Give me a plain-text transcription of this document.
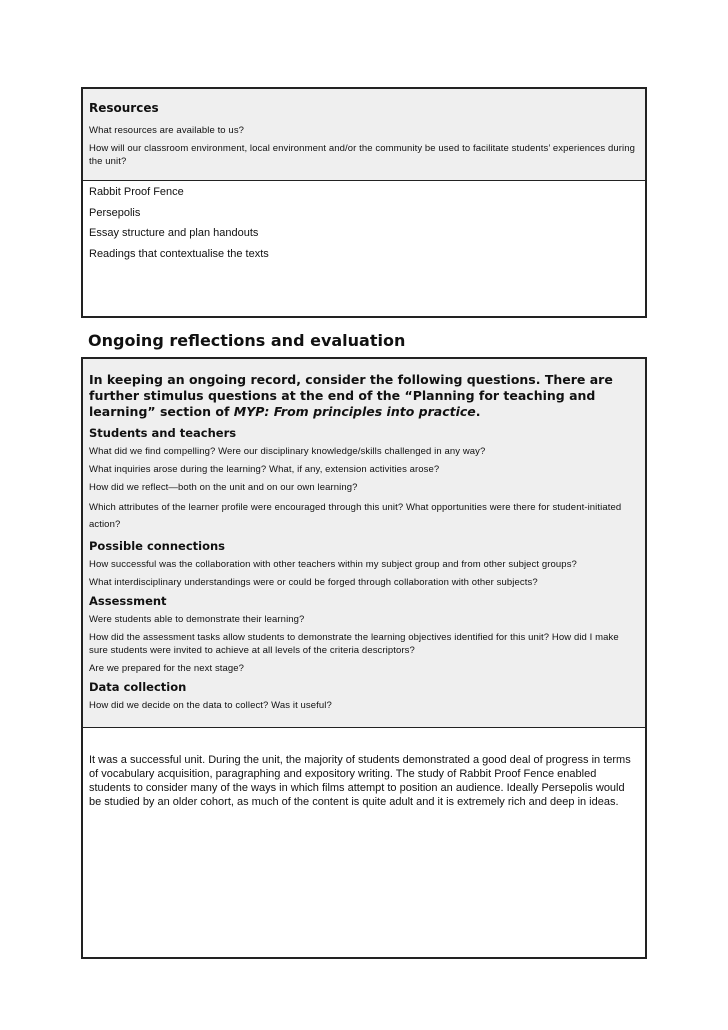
Resources
What resources are available to us?
How will our classroom environment, local environment and/or the community be used to facilitate students’ experiences during the unit?
Rabbit Proof Fence
Persepolis
Essay structure and plan handouts
Readings that contextualise the texts
Ongoing reflections and evaluation
In keeping an ongoing record, consider the following questions. There are further stimulus questions at the end of the “Planning for teaching and learning” section of MYP: From principles into practice.
Students and teachers
What did we find compelling? Were our disciplinary knowledge/skills challenged in any way?
What inquiries arose during the learning? What, if any, extension activities arose?
How did we reflect—both on the unit and on our own learning?
Which attributes of the learner profile were encouraged through this unit? What opportunities were there for student-initiated action?
Possible connections
How successful was the collaboration with other teachers within my subject group and from other subject groups?
What interdisciplinary understandings were or could be forged through collaboration with other subjects?
Assessment
Were students able to demonstrate their learning?
How did the assessment tasks allow students to demonstrate the learning objectives identified for this unit? How did I make sure students were invited to achieve at all levels of the criteria descriptors?
Are we prepared for the next stage?
Data collection
How did we decide on the data to collect? Was it useful?
It was a successful unit. During the unit, the majority of students demonstrated a good deal of progress in terms of vocabulary acquisition, paragraphing and expository writing. The study of Rabbit Proof Fence enabled students to consider many of the ways in which films attempt to position an audience. Ideally Persepolis would be studied by an older cohort, as much of the content is quite adult and it is extremely rich and deep in ideas.
